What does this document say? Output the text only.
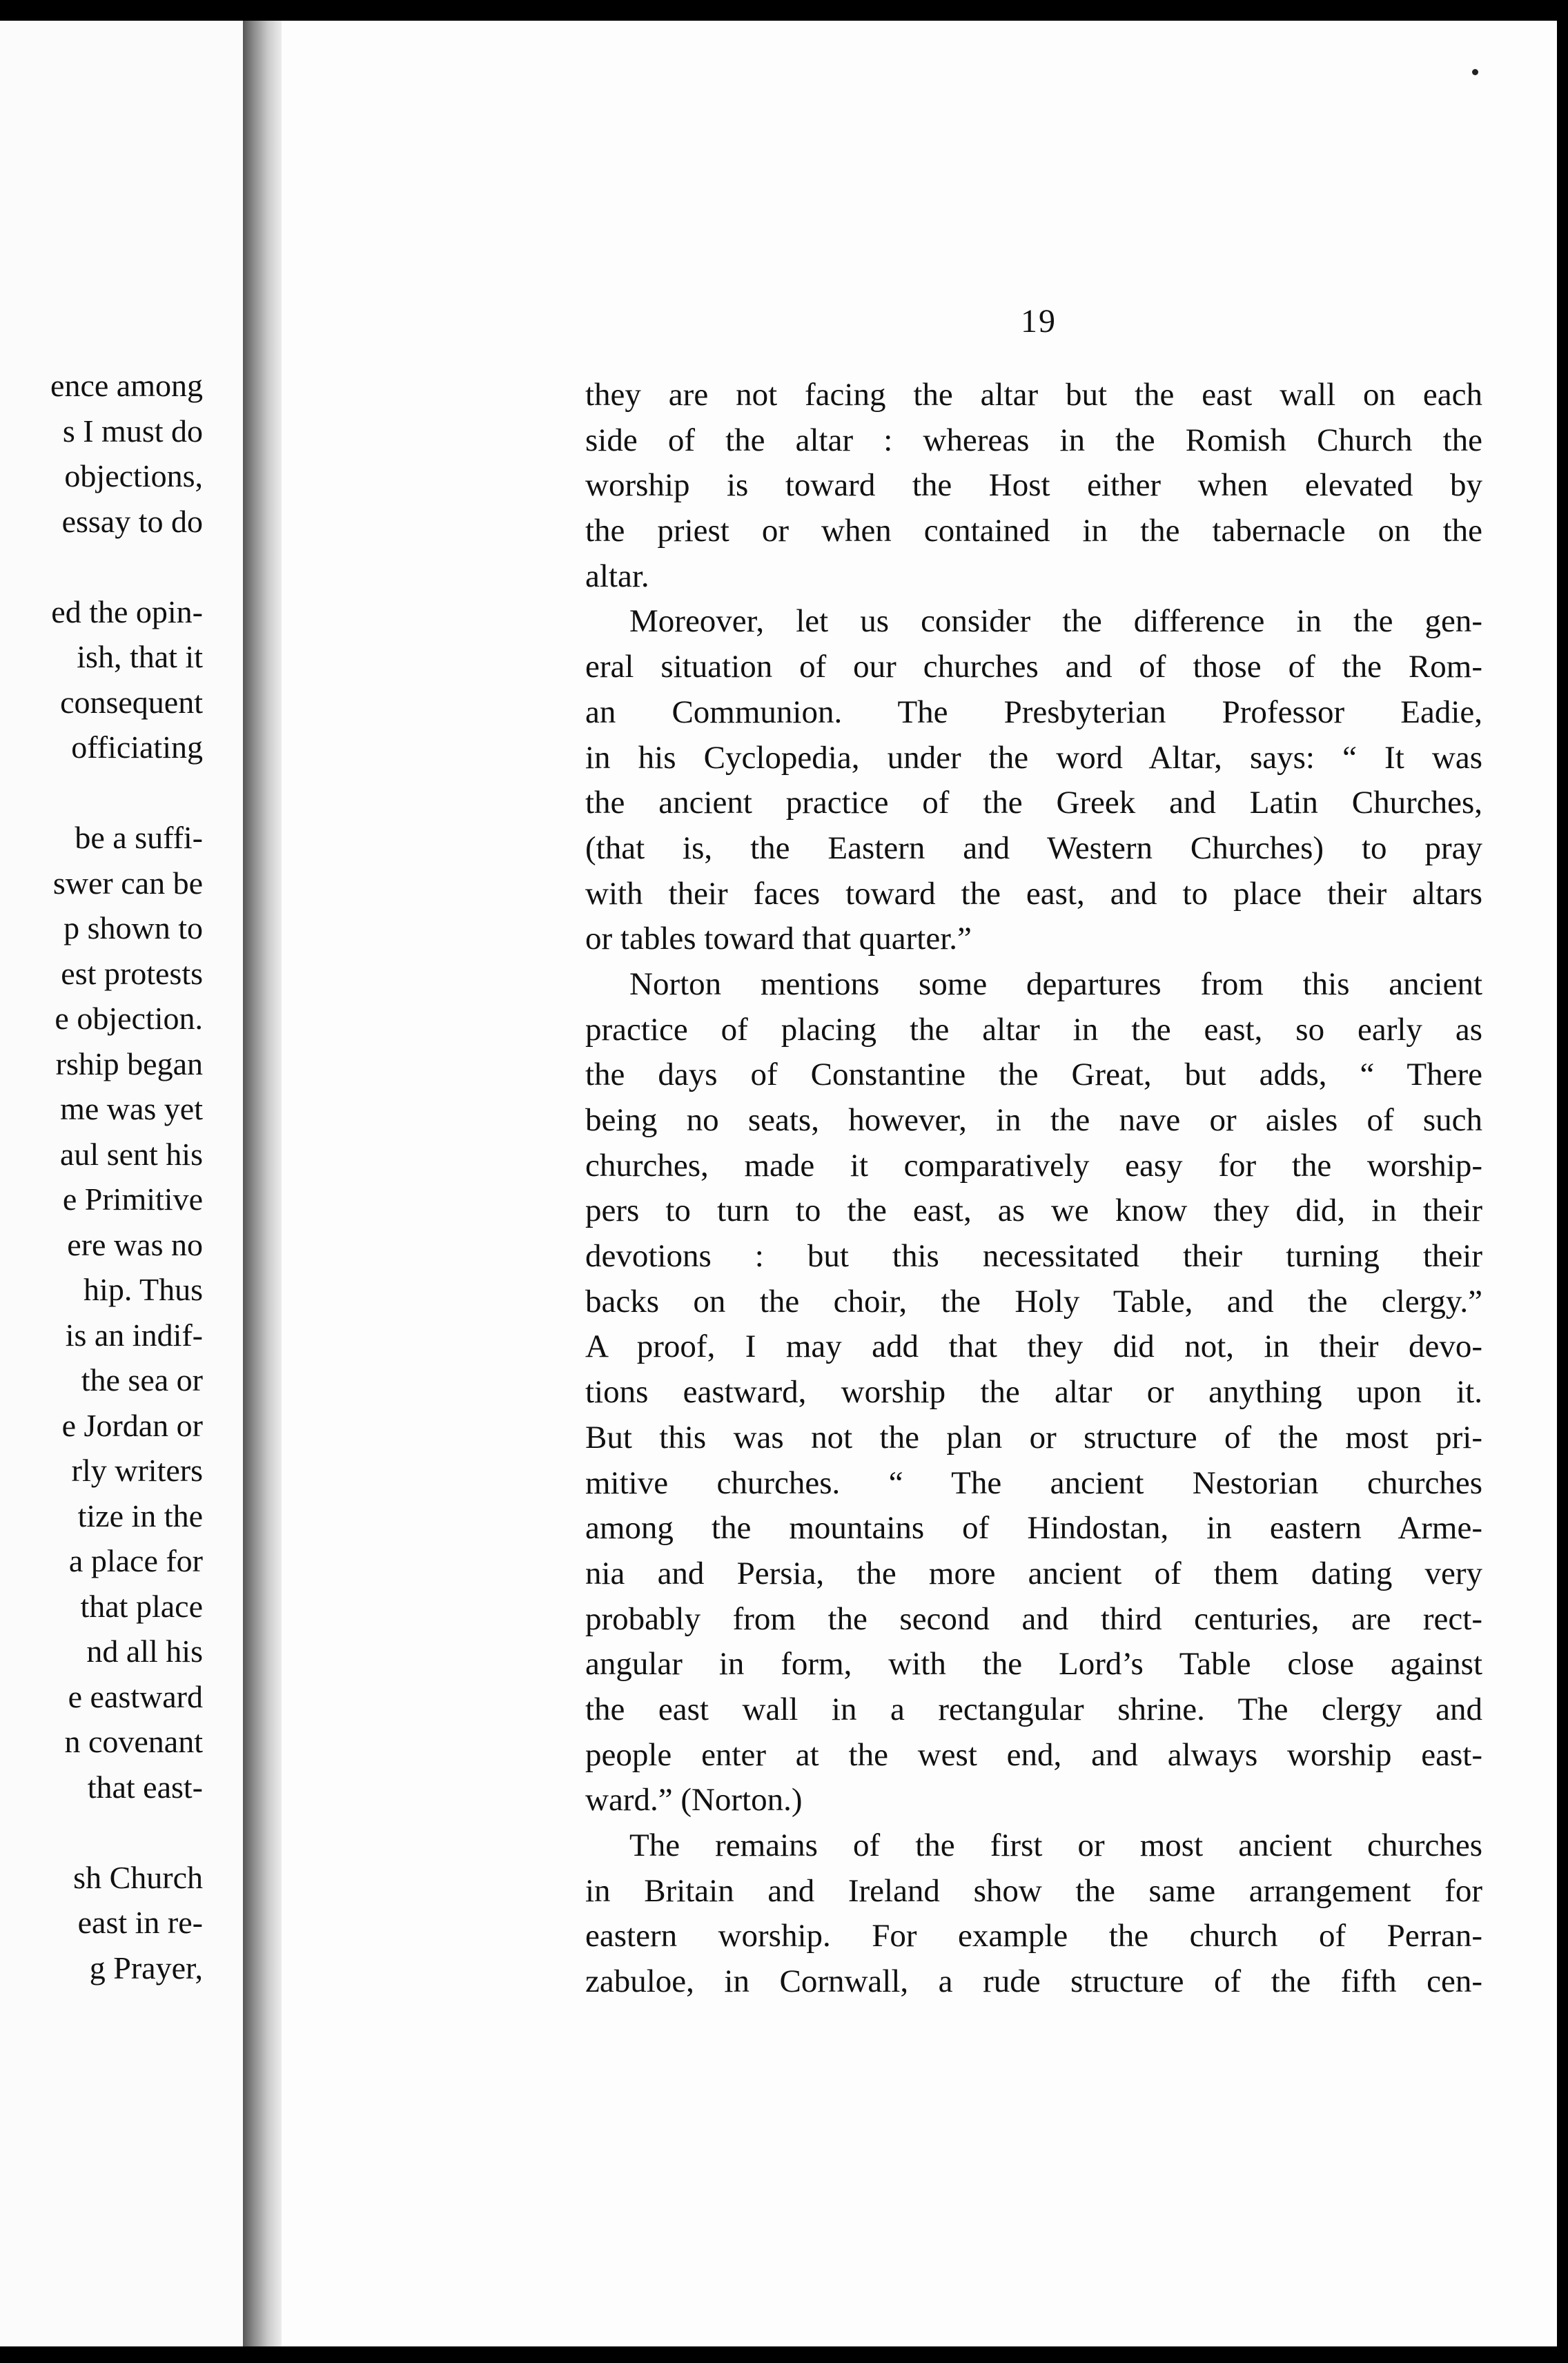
ence among
s I must do
objections,
essay to do
ed the opin-
ish, that it
consequent
officiating
be a suffi-
swer can be
p shown to
est protests
e objection.
rship began
me was yet
aul sent his
e Primitive
ere was no
hip. Thus
is an indif-
the sea or
e Jordan or
rly writers
tize in the
a place for
that place
nd all his
e eastward
n covenant
that east-
sh Church
east in re-
g Prayer,
19
they are not facing the altar but the east wall on each
side of the altar : whereas in the Romish Church the
worship is toward the Host either when elevated by
the priest or when contained in the tabernacle on the
altar.
Moreover, let us consider the difference in the gen-
eral situation of our churches and of those of the Rom-
an Communion. The Presbyterian Professor Eadie,
in his Cyclopedia, under the word Altar, says: “ It was
the ancient practice of the Greek and Latin Churches,
(that is, the Eastern and Western Churches) to pray
with their faces toward the east, and to place their altars
or tables toward that quarter.”
Norton mentions some departures from this ancient
practice of placing the altar in the east, so early as
the days of Constantine the Great, but adds, “ There
being no seats, however, in the nave or aisles of such
churches, made it comparatively easy for the worship-
pers to turn to the east, as we know they did, in their
devotions : but this necessitated their turning their
backs on the choir, the Holy Table, and the clergy.”
A proof, I may add that they did not, in their devo-
tions eastward, worship the altar or anything upon it.
But this was not the plan or structure of the most pri-
mitive churches. “ The ancient Nestorian churches
among the mountains of Hindostan, in eastern Arme-
nia and Persia, the more ancient of them dating very
probably from the second and third centuries, are rect-
angular in form, with the Lord’s Table close against
the east wall in a rectangular shrine. The clergy and
people enter at the west end, and always worship east-
ward.” (Norton.)
The remains of the first or most ancient churches
in Britain and Ireland show the same arrangement for
eastern worship. For example the church of Perran-
zabuloe, in Cornwall, a rude structure of the fifth cen-
